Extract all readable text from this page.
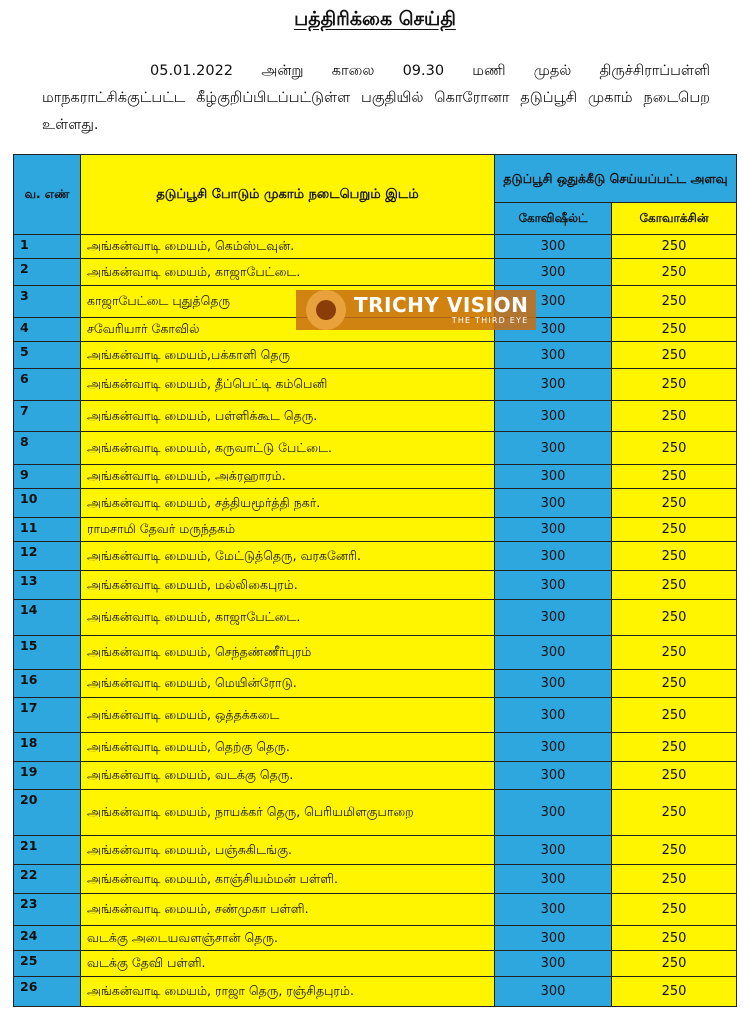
பத்திரிக்கை செய்தி
05.01.2022 அன்று காலை 09.30 மணி முதல் திருச்சிராப்பள்ளி மாநகராட்சிக்குட்பட்ட கீழ்குறிப்பிடப்பட்டுள்ள பகுதியில் கொரோனா தடுப்பூசி முகாம் நடைபெற உள்ளது.
வ. எண்	தடுப்பூசி போடும் முகாம் நடைபெறும் இடம்	தடுப்பூசி ஒதுக்கீடு செய்யப்பட்ட அளவு	
		கோவிஷீல்ட்	கோவாக்சின்
1	அங்கன்வாடி மையம், கெம்ஸ்டவுன்.	300	250
2	அங்கன்வாடி மையம், காஜாபேட்டை.	300	250
3	காஜாபேட்டை புதுத்தெரு	300	250
4	சவேரியார் கோவில்	300	250
5	அங்கன்வாடி மையம்,பக்காளி தெரு	300	250
6	அங்கன்வாடி மையம், தீப்பெட்டி கம்பெனி	300	250
7	அங்கன்வாடி மையம், பள்ளிக்கூட தெரு.	300	250
8	அங்கன்வாடி மையம், கருவாட்டு பேட்டை.	300	250
9	அங்கன்வாடி மையம், அக்ரஹாரம்.	300	250
10	அங்கன்வாடி மையம், சத்தியமூர்த்தி நகர்.	300	250
11	ராமசாமி தேவர் மருந்தகம்	300	250
12	அங்கன்வாடி மையம், மேட்டுத்தெரு, வரகனேரி.	300	250
13	அங்கன்வாடி மையம், மல்லிகைபுரம்.	300	250
14	அங்கன்வாடி மையம், காஜாபேட்டை.	300	250
15	அங்கன்வாடி மையம், செந்தண்ணீர்புரம்	300	250
16	அங்கன்வாடி மையம், மெயின்ரோடு.	300	250
17	அங்கன்வாடி மையம், ஒத்தக்கடை	300	250
18	அங்கன்வாடி மையம், தெற்கு தெரு.	300	250
19	அங்கன்வாடி மையம், வடக்கு தெரு.	300	250
20	அங்கன்வாடி மையம், நாயக்கர் தெரு, பெரியமிளகுபாறை	300	250
21	அங்கன்வாடி மையம், பஞ்சுகிடங்கு.	300	250
22	அங்கன்வாடி மையம், காஞ்சியம்மன் பள்ளி.	300	250
23	அங்கன்வாடி மையம், சண்முகா பள்ளி.	300	250
24	வடக்கு அடையவளஞ்சான் தெரு.	300	250
25	வடக்கு தேவி பள்ளி.	300	250
26	அங்கன்வாடி மையம், ராஜா தெரு, ரஞ்சிதபுரம்.	300	250
TRICHY VISION
THE THIRD EYE
